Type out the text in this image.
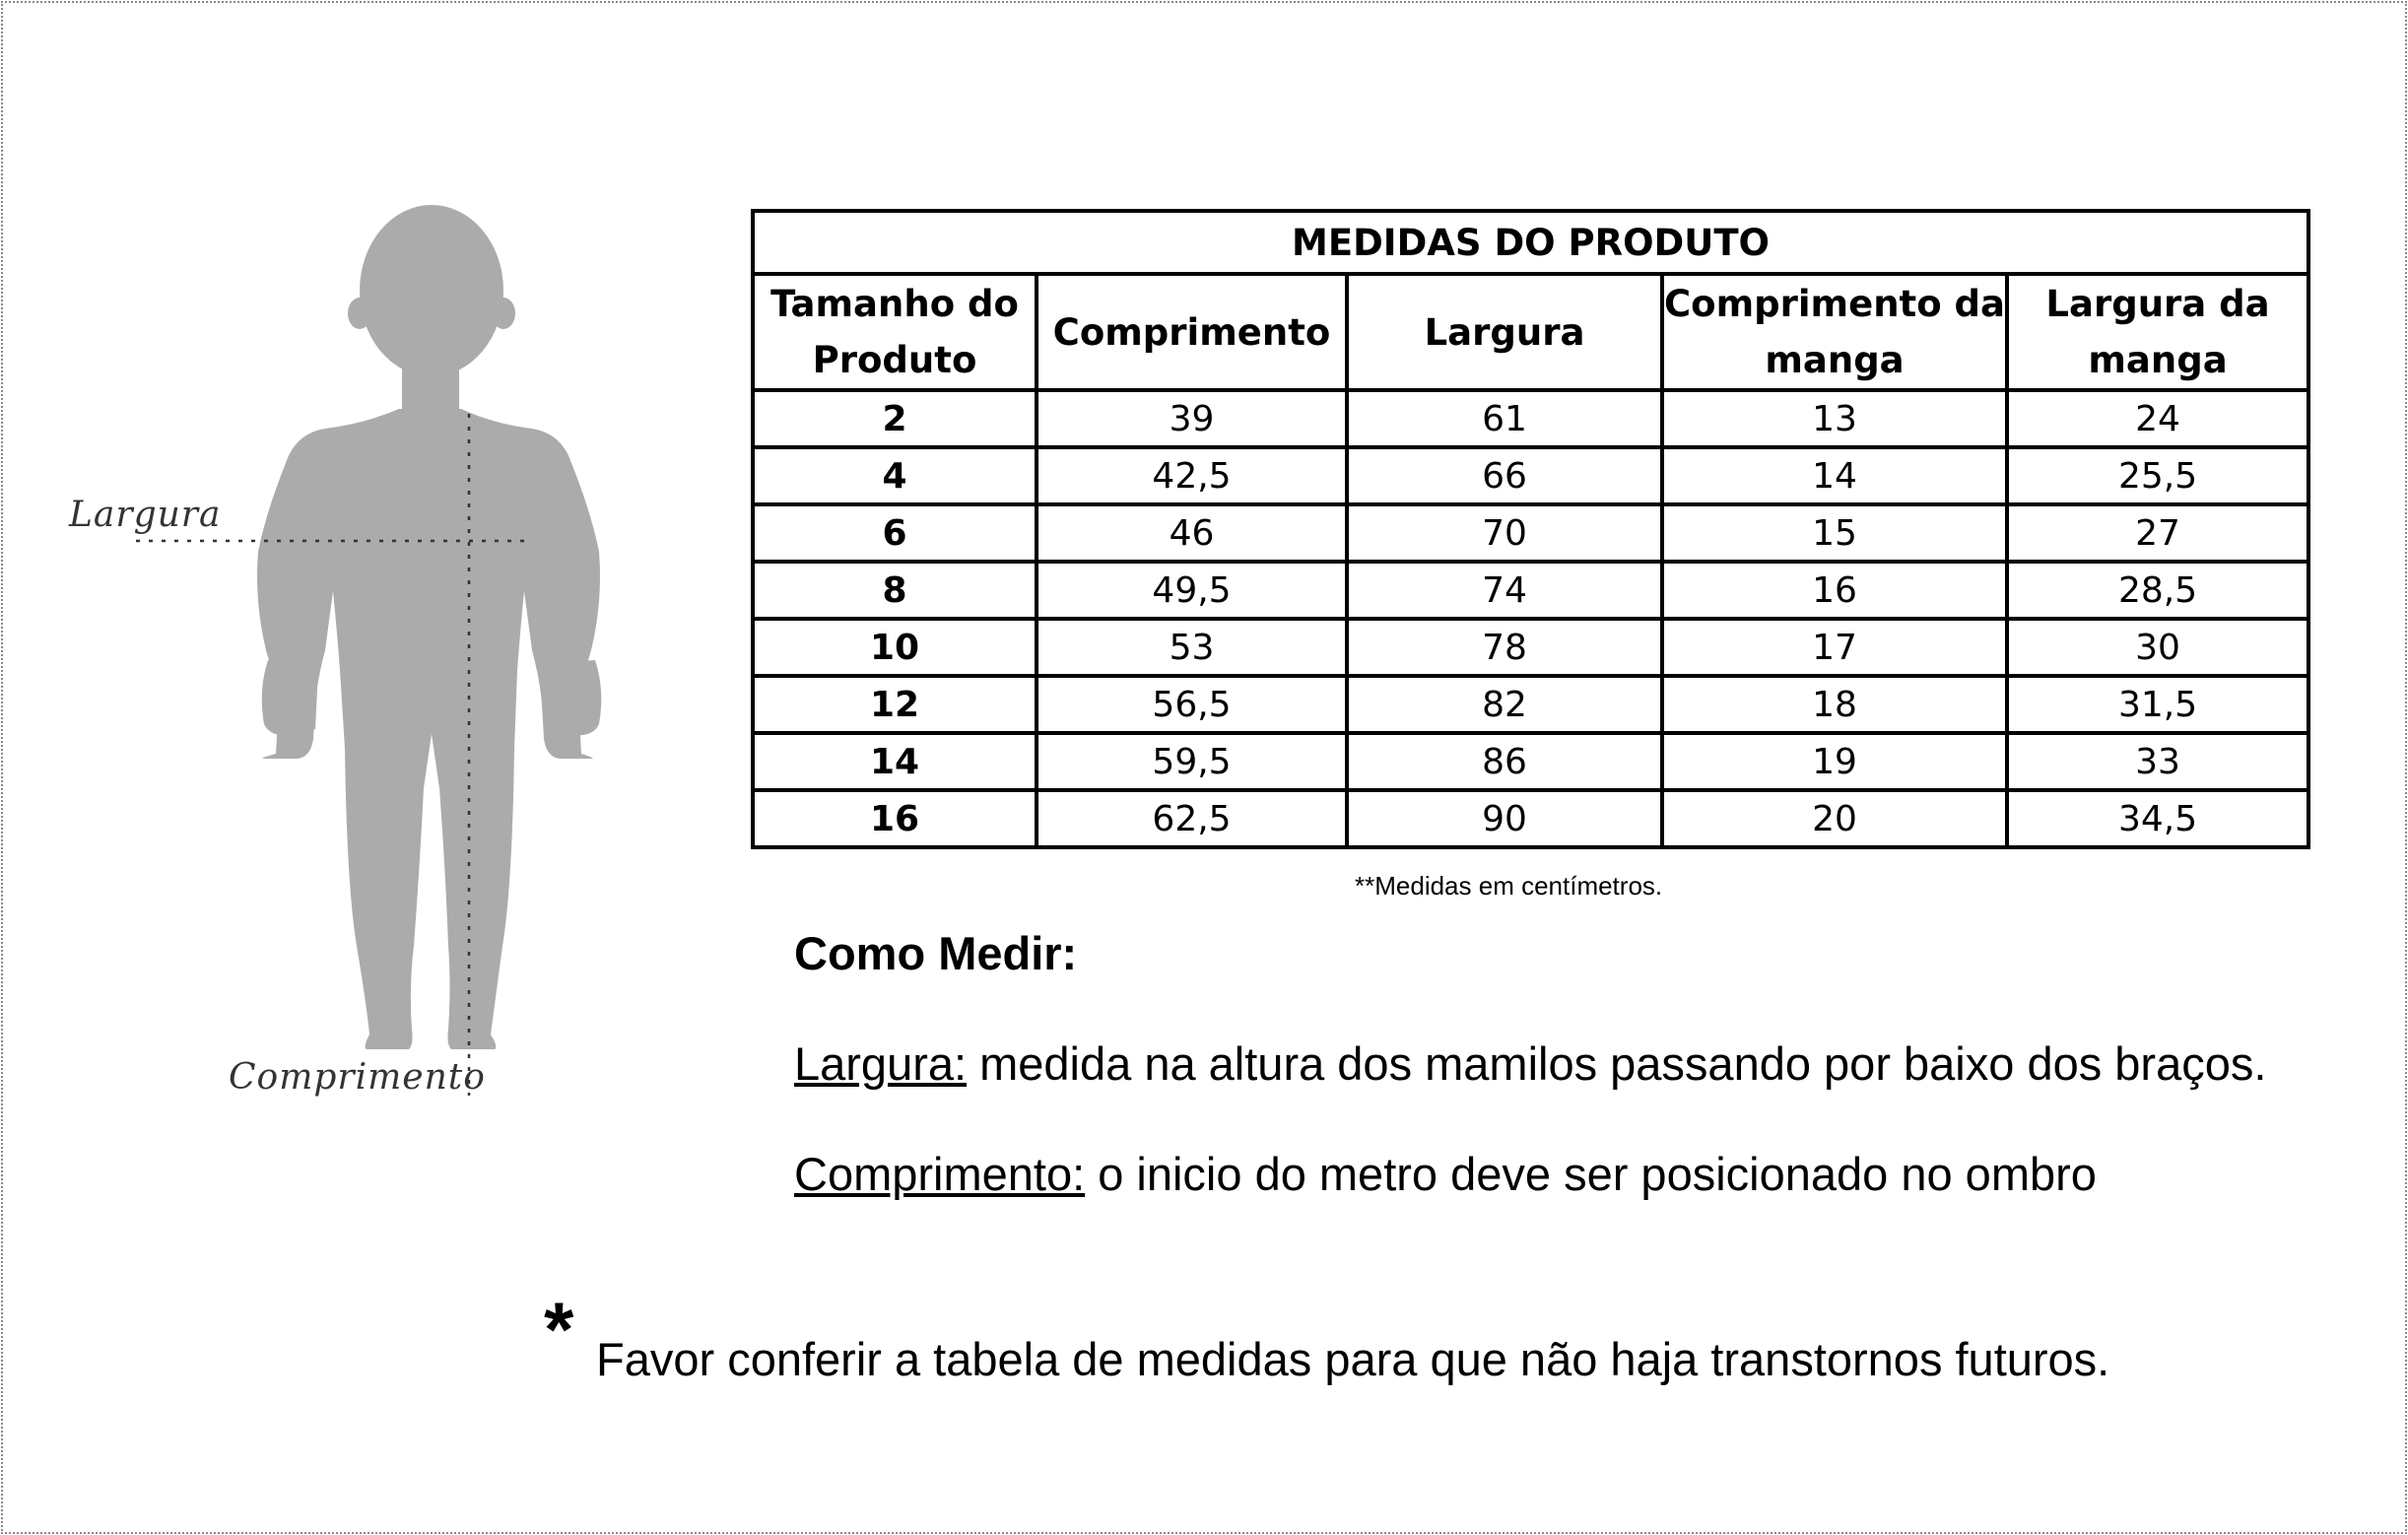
Largura
Comprimento
MEDIDAS DO PRODUTO				
Tamanho do Produto	Comprimento	Largura	Comprimento da manga	Largura da manga
2	39	61	13	24
4	42,5	66	14	25,5
6	46	70	15	27
8	49,5	74	16	28,5
10	53	78	17	30
12	56,5	82	18	31,5
14	59,5	86	19	33
16	62,5	90	20	34,5
**Medidas em centímetros.
Como Medir:
Largura: medida na altura dos mamilos passando por baixo dos braços.
Comprimento: o inicio do metro deve ser posicionado no ombro
* Favor conferir a tabela de medidas para que não haja transtornos futuros.
